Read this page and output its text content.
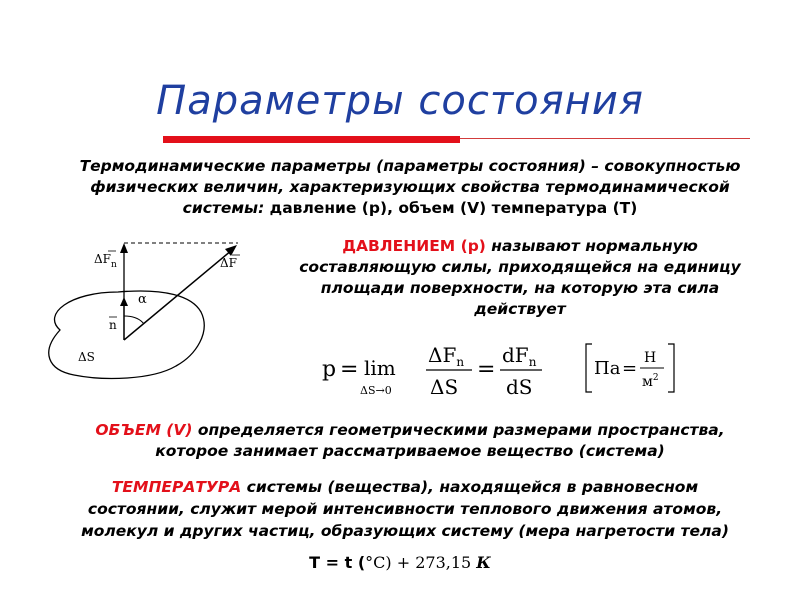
Параметры состояния
Термодинамические параметры (параметры состояния) – совокупностью
физических величин, характеризующих свойства термодинамической
системы: давление (р), объем (V) температура (Т)
$\Delta F_n$	ΔF
α
n
ΔS
ДАВЛЕНИЕМ (р) называют нормальную
составляющую силы, приходящейся на единицу
площади поверхности, на которую эта сила
действует
p = lim
ΔS→0
$\Delta F_n$
ΔS
=
$dF_n$
dS
Па = Н
$м^2$
ОБЪЕМ (V) определяется геометрическими размерами пространства,
которое занимает рассматриваемое вещество (система)
ТЕМПЕРАТУРА системы (вещества), находящейся в равновесном
состоянии, служит мерой интенсивности теплового движения атомов,
молекул и других частиц, образующих систему (мера нагретости тела)
Т = t (°С) + 273,15 К
